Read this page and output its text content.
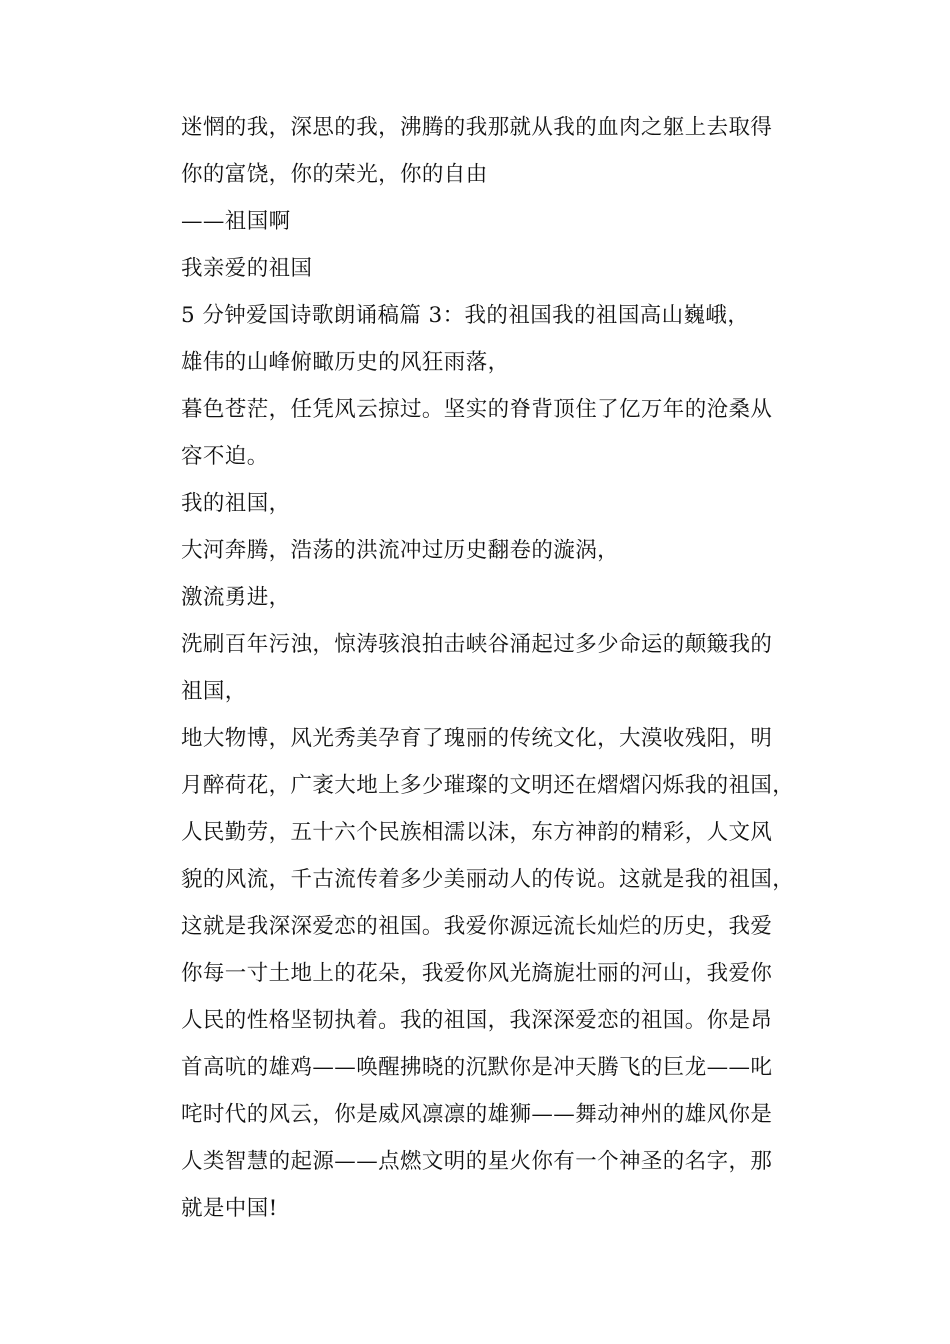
迷惘的我，深思的我，沸腾的我那就从我的血肉之躯上去取得
你的富饶，你的荣光，你的自由
——祖国啊
我亲爱的祖国
5 分钟爱国诗歌朗诵稿篇 3：我的祖国我的祖国高山巍峨，
雄伟的山峰俯瞰历史的风狂雨落，
暮色苍茫，任凭风云掠过。坚实的脊背顶住了亿万年的沧桑从
容不迫。
我的祖国，
大河奔腾，浩荡的洪流冲过历史翻卷的漩涡，
激流勇进，
洗刷百年污浊，惊涛骇浪拍击峡谷涌起过多少命运的颠簸我的
祖国，
地大物博，风光秀美孕育了瑰丽的传统文化，大漠收残阳，明
月醉荷花，广袤大地上多少璀璨的文明还在熠熠闪烁我的祖国，
人民勤劳，五十六个民族相濡以沫，东方神韵的精彩，人文风
貌的风流，千古流传着多少美丽动人的传说。这就是我的祖国，
这就是我深深爱恋的祖国。我爱你源远流长灿烂的历史，我爱
你每一寸土地上的花朵，我爱你风光旖旎壮丽的河山，我爱你
人民的性格坚韧执着。我的祖国，我深深爱恋的祖国。你是昂
首高吭的雄鸡——唤醒拂晓的沉默你是冲天腾飞的巨龙——叱
咤时代的风云，你是威风凛凛的雄狮——舞动神州的雄风你是
人类智慧的起源——点燃文明的星火你有一个神圣的名字，那
就是中国!
